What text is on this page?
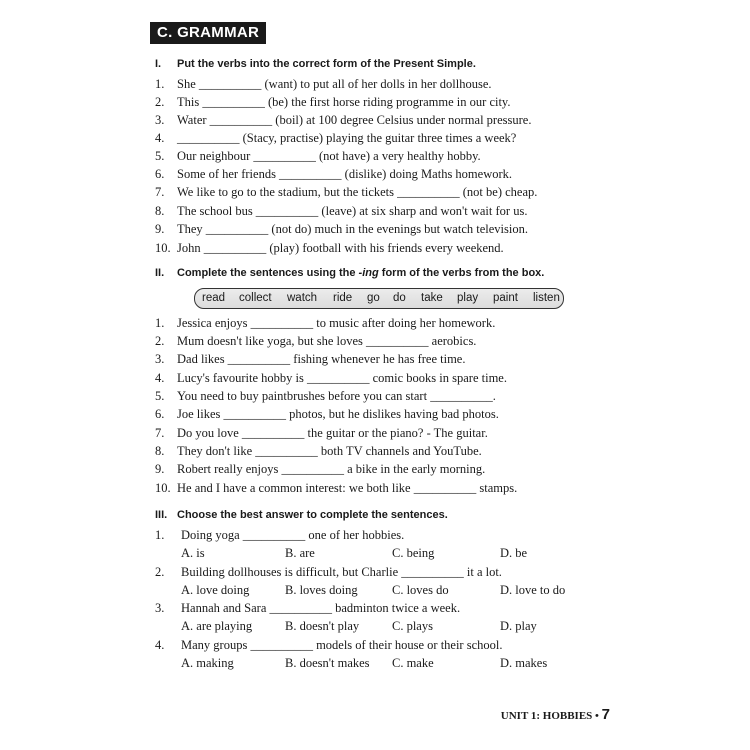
C. GRAMMAR
I. Put the verbs into the correct form of the Present Simple.
1. She __________ (want) to put all of her dolls in her dollhouse.
2. This __________ (be) the first horse riding programme in our city.
3. Water __________ (boil) at 100 degree Celsius under normal pressure.
4. __________ (Stacy, practise) playing the guitar three times a week?
5. Our neighbour __________ (not have) a very healthy hobby.
6. Some of her friends __________ (dislike) doing Maths homework.
7. We like to go to the stadium, but the tickets __________ (not be) cheap.
8. The school bus __________ (leave) at six sharp and won't wait for us.
9. They __________ (not do) much in the evenings but watch television.
10. John __________ (play) football with his friends every weekend.
II. Complete the sentences using the -ing form of the verbs from the box.
read collect watch ride go do take play paint listen
1. Jessica enjoys __________ to music after doing her homework.
2. Mum doesn't like yoga, but she loves __________ aerobics.
3. Dad likes __________ fishing whenever he has free time.
4. Lucy's favourite hobby is __________ comic books in spare time.
5. You need to buy paintbrushes before you can start __________.
6. Joe likes __________ photos, but he dislikes having bad photos.
7. Do you love __________ the guitar or the piano? - The guitar.
8. They don't like __________ both TV channels and YouTube.
9. Robert really enjoys __________ a bike in the early morning.
10. He and I have a common interest: we both like __________ stamps.
III. Choose the best answer to complete the sentences.
1. Doing yoga __________ one of her hobbies.
A. is	B. are	C. being	D. be
2. Building dollhouses is difficult, but Charlie __________ it a lot.
A. love doing	B. loves doing	C. loves do	D. love to do
3. Hannah and Sara __________ badminton twice a week.
A. are playing	B. doesn't play	C. plays	D. play
4. Many groups __________ models of their house or their school.
A. making	B. doesn't makes C. make	D. makes
UNIT 1: HOBBIES • 7
